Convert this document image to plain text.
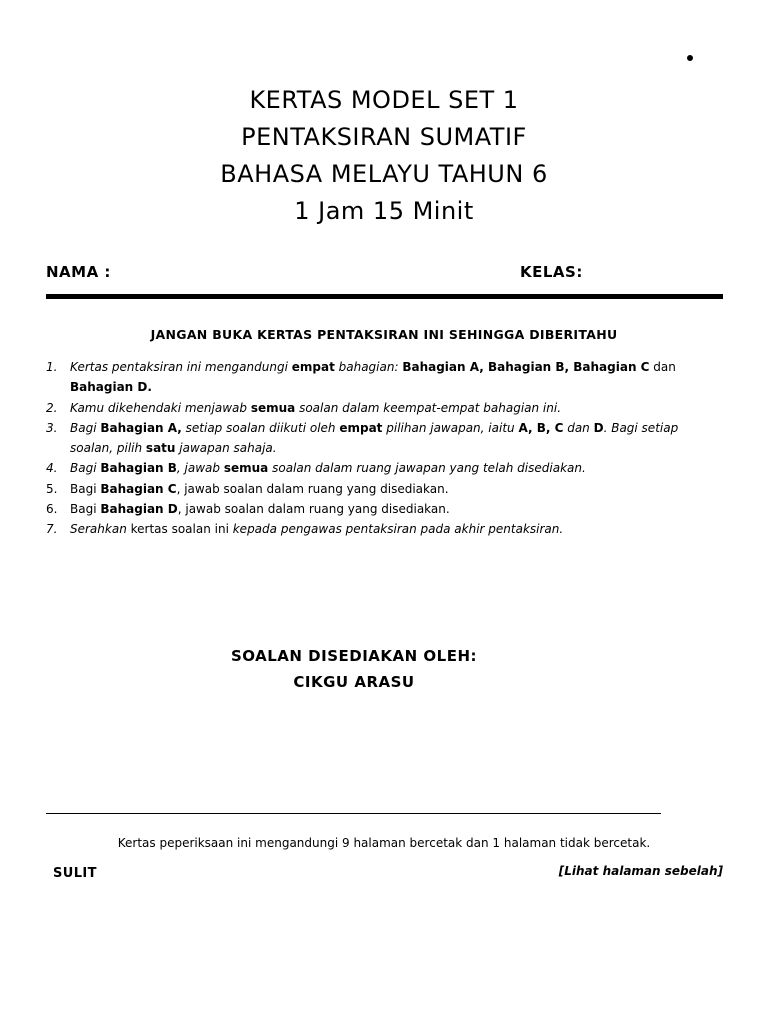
KERTAS MODEL SET 1
PENTAKSIRAN SUMATIF
BAHASA MELAYU TAHUN 6
1 Jam 15 Minit
NAMA :	KELAS:
JANGAN BUKA KERTAS PENTAKSIRAN INI SEHINGGA DIBERITAHU
1. Kertas pentaksiran ini mengandungi empat bahagian: Bahagian A, Bahagian B, Bahagian C dan
Bahagian D.
2. Kamu dikehendaki menjawab semua soalan dalam keempat-empat bahagian ini.
3. Bagi Bahagian A, setiap soalan diikuti oleh empat pilihan jawapan, iaitu A, B, C dan D. Bagi setiap
soalan, pilih satu jawapan sahaja.
4. Bagi Bahagian B, jawab semua soalan dalam ruang jawapan yang telah disediakan.
5. Bagi Bahagian C, jawab soalan dalam ruang yang disediakan.
6. Bagi Bahagian D, jawab soalan dalam ruang yang disediakan.
7. Serahkan kertas soalan ini kepada pengawas pentaksiran pada akhir pentaksiran.
SOALAN DISEDIAKAN OLEH:
CIKGU ARASU
Kertas peperiksaan ini mengandungi 9 halaman bercetak dan 1 halaman tidak bercetak.
SULIT	[Lihat halaman sebelah]
